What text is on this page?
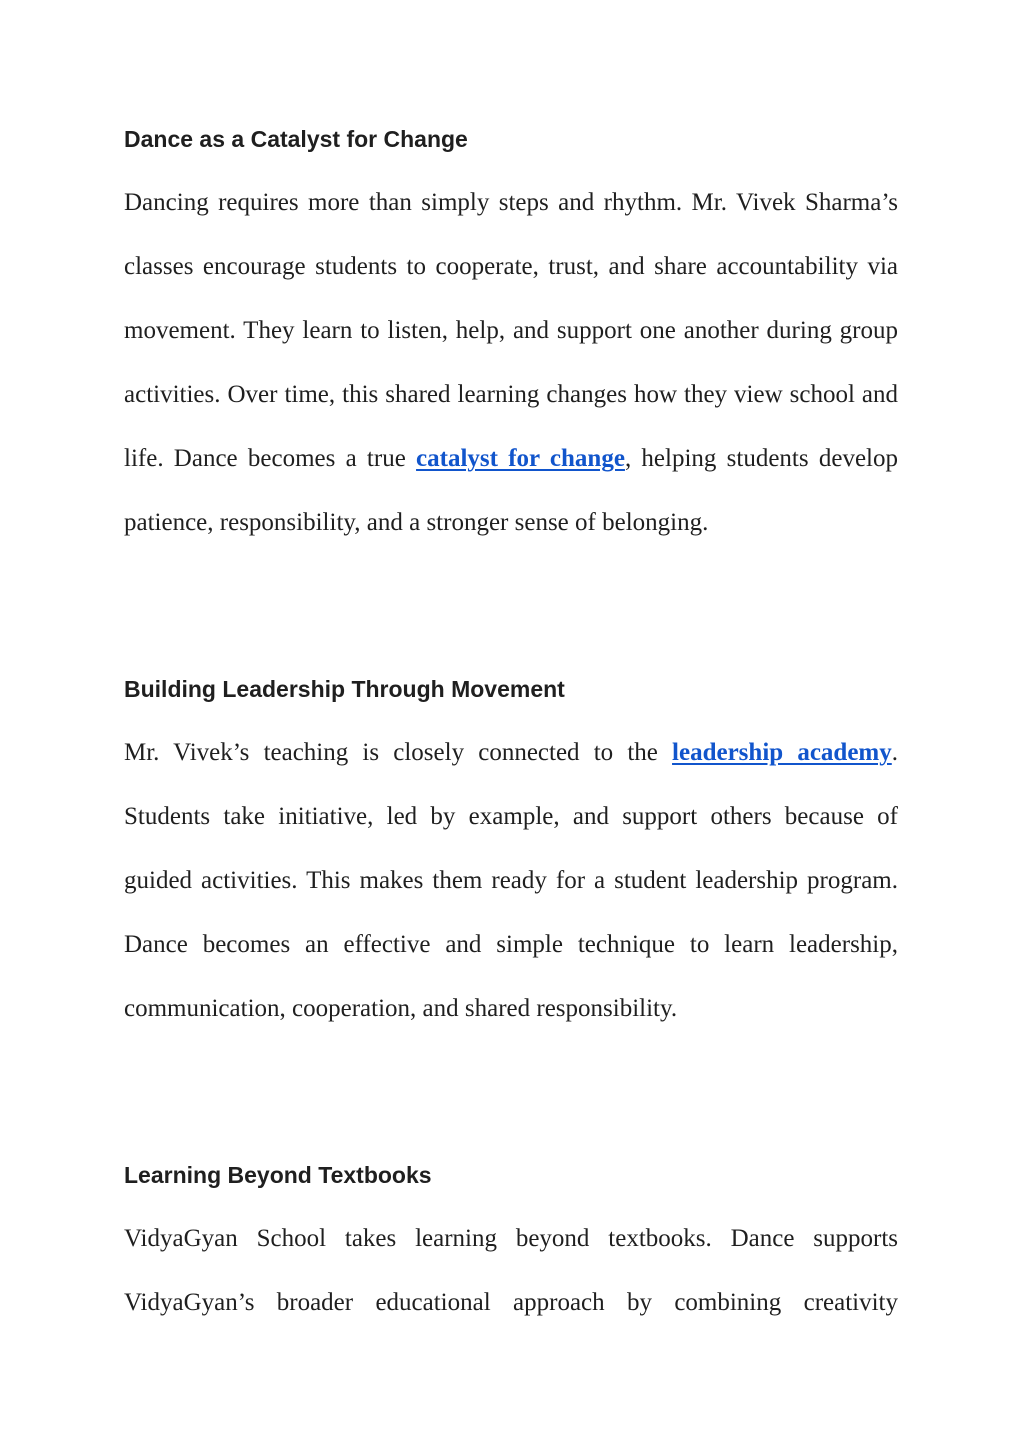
Dance as a Catalyst for Change

Dancing requires more than simply steps and rhythm. Mr. Vivek Sharma’s classes encourage students to cooperate, trust, and share accountability via movement. They learn to listen, help, and support one another during group activities. Over time, this shared learning changes how they view school and life. Dance becomes a true catalyst for change, helping students develop patience, responsibility, and a stronger sense of belonging.

Building Leadership Through Movement

Mr. Vivek’s teaching is closely connected to the leadership academy. Students take initiative, led by example, and support others because of guided activities. This makes them ready for a student leadership program. Dance becomes an effective and simple technique to learn leadership, communication, cooperation, and shared responsibility.

Learning Beyond Textbooks

VidyaGyan School takes learning beyond textbooks. Dance supports VidyaGyan’s broader educational approach by combining creativity
